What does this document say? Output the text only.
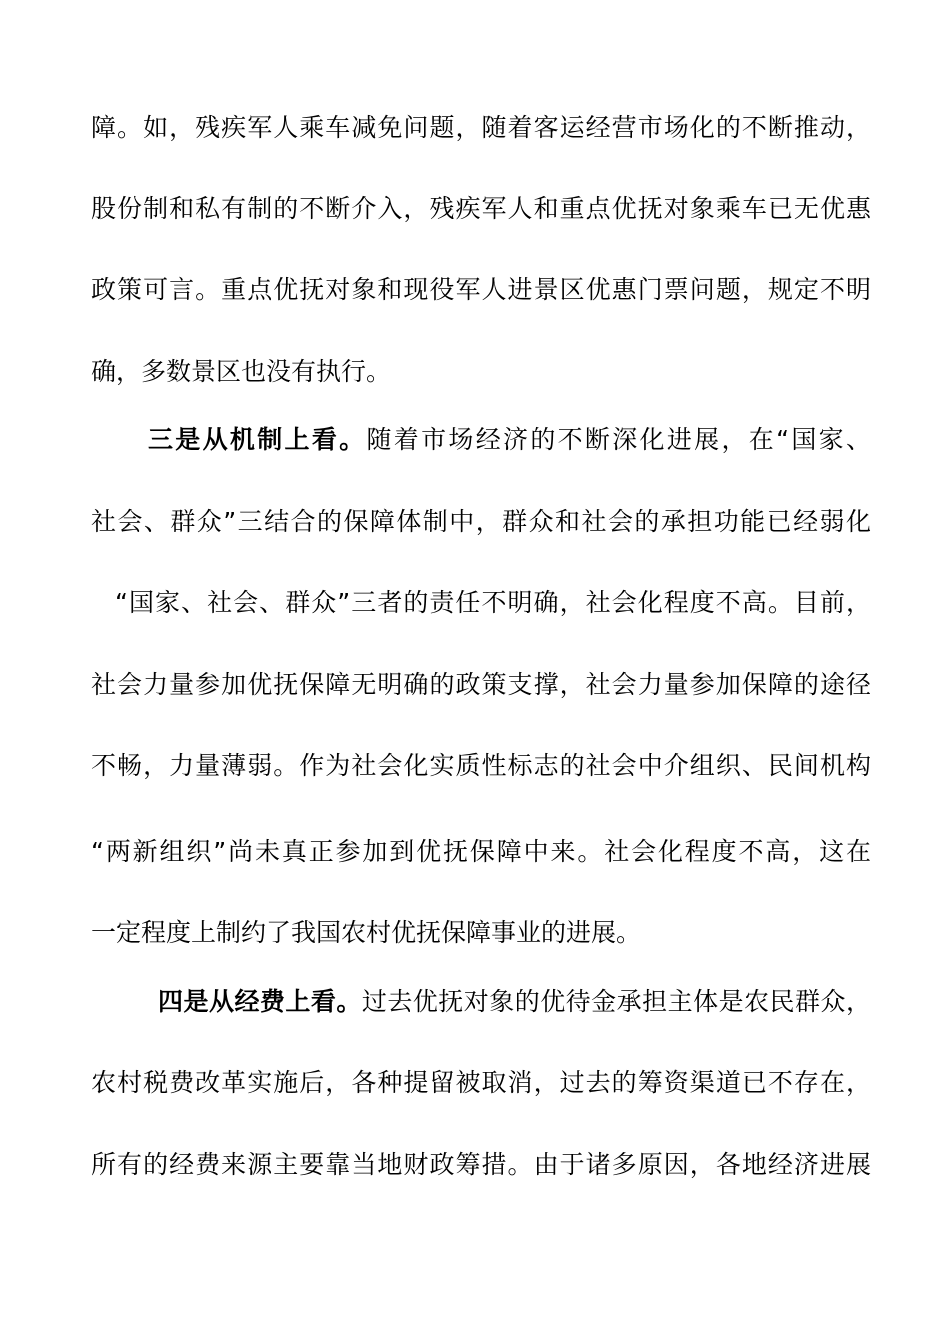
障。如，残疾军人乘车减免问题，随着客运经营市场化的不断推动，
股份制和私有制的不断介入，残疾军人和重点优抚对象乘车已无优惠
政策可言。重点优抚对象和现役军人进景区优惠门票问题，规定不明
确，多数景区也没有执行。
三是从机制上看。随着市场经济的不断深化进展，在“国家、
社会、群众”三结合的保障体制中，群众和社会的承担功能已经弱化
“国家、社会、群众”三者的责任不明确，社会化程度不高。目前，
社会力量参加优抚保障无明确的政策支撑，社会力量参加保障的途径
不畅，力量薄弱。作为社会化实质性标志的社会中介组织、民间机构
“两新组织”尚未真正参加到优抚保障中来。社会化程度不高，这在
一定程度上制约了我国农村优抚保障事业的进展。
四是从经费上看。过去优抚对象的优待金承担主体是农民群众，
农村税费改革实施后，各种提留被取消，过去的筹资渠道已不存在，
所有的经费来源主要靠当地财政筹措。由于诸多原因，各地经济进展
